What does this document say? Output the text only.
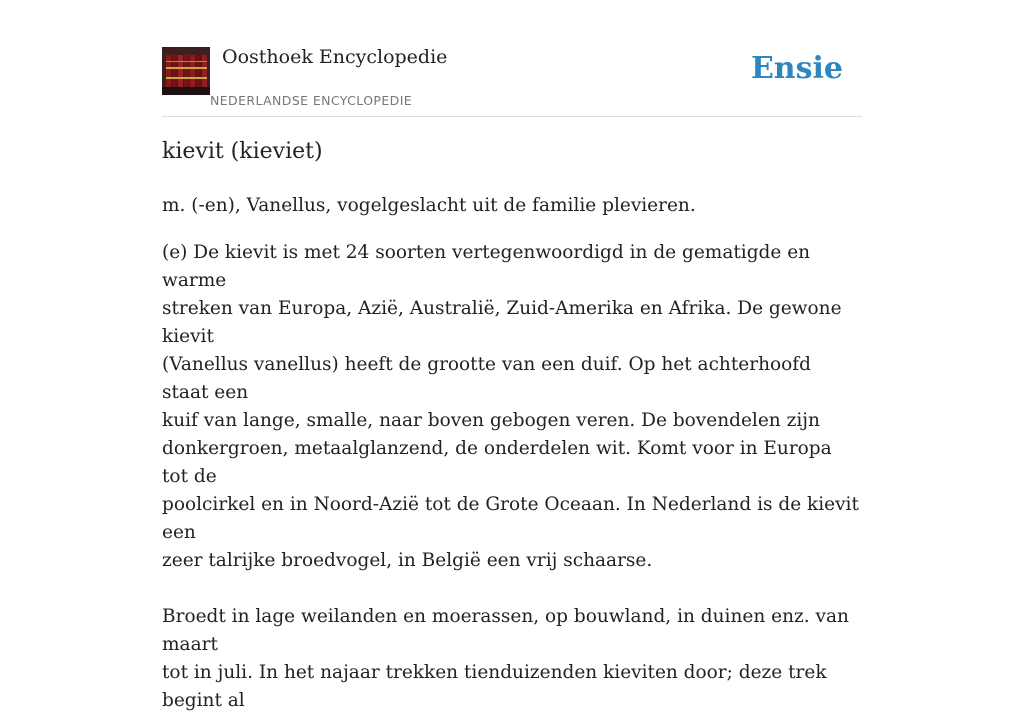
Oosthoek Encyclopedie
NEDERLANDSE ENCYCLOPEDIE
Ensie
kievit (kieviet)

m. (-en), Vanellus, vogelgeslacht uit de familie plevieren.

(e) De kievit is met 24 soorten vertegenwoordigd in de gematigde en warme
streken van Europa, Azië, Australië, Zuid-Amerika en Afrika. De gewone kievit
(Vanellus vanellus) heeft de grootte van een duif. Op het achterhoofd staat een
kuif van lange, smalle, naar boven gebogen veren. De bovendelen zijn
donkergroen, metaalglanzend, de onderdelen wit. Komt voor in Europa tot de
poolcirkel en in Noord-Azië tot de Grote Oceaan. In Nederland is de kievit een
zeer talrijke broedvogel, in België een vrij schaarse.
Broedt in lage weilanden en moerassen, op bouwland, in duinen enz. van maart
tot in juli. In het najaar trekken tienduizenden kieviten door; deze trek begint al
